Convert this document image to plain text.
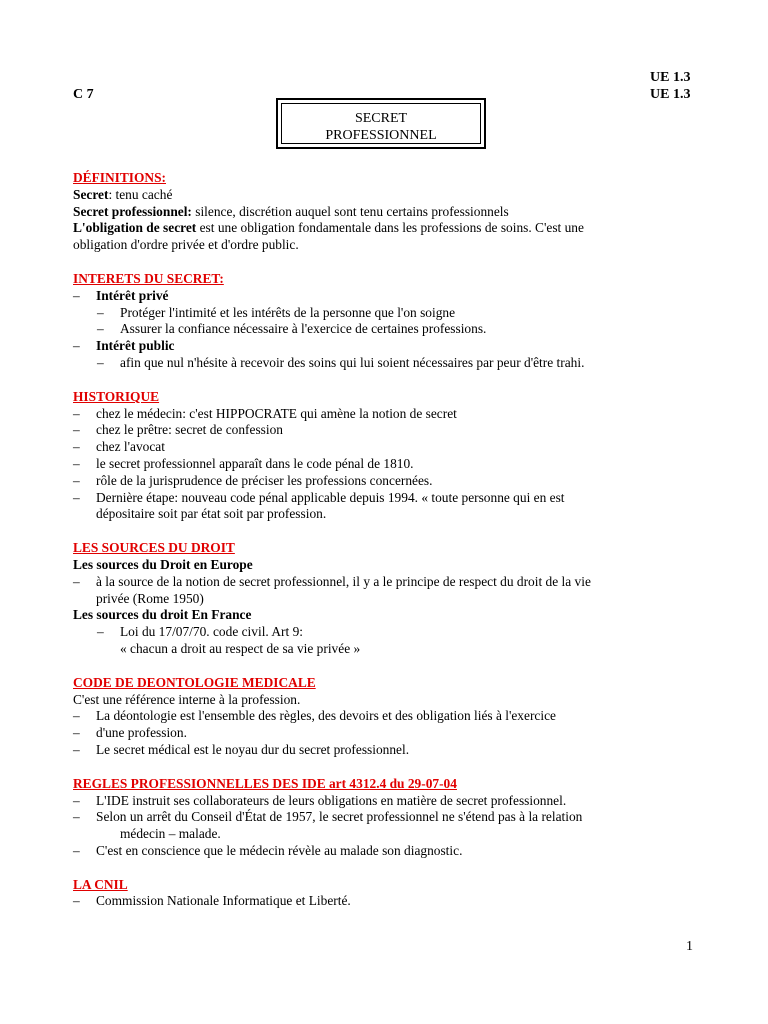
UE 1.3
C 7	UE 1.3
SECRET
PROFESSIONNEL
DÉFINITIONS:
Secret: tenu caché
Secret professionnel: silence, discrétion auquel sont tenu certains professionnels
L'obligation de secret est une obligation fondamentale dans les professions de soins. C'est une
obligation d'ordre privée et d'ordre public.
INTERETS DU SECRET:
– Intérêt privé
– Protéger l'intimité et les intérêts de la personne que l'on soigne
– Assurer la confiance nécessaire à l'exercice de certaines professions.
– Intérêt public
– afin que nul n'hésite à recevoir des soins qui lui soient nécessaires par peur d'être trahi.
HISTORIQUE
– chez le médecin: c'est HIPPOCRATE qui amène la notion de secret
– chez le prêtre: secret de confession
– chez l'avocat
– le secret professionnel apparaît dans le code pénal de 1810.
– rôle de la jurisprudence de préciser les professions concernées.
– Dernière étape: nouveau code pénal applicable depuis 1994. « toute personne qui en est
dépositaire soit par état soit par profession.
LES SOURCES DU DROIT
Les sources du Droit en Europe
– à la source de la notion de secret professionnel, il y a le principe de respect du droit de la vie
privée (Rome 1950)
Les sources du droit En France
– Loi du 17/07/70. code civil. Art 9:
« chacun a droit au respect de sa vie privée »
CODE DE DEONTOLOGIE MEDICALE
C'est une référence interne à la profession.
– La déontologie est l'ensemble des règles, des devoirs et des obligation liés à l'exercice
– d'une profession.
– Le secret médical est le noyau dur du secret professionnel.
REGLES PROFESSIONNELLES DES IDE art 4312.4 du 29-07-04
– L'IDE instruit ses collaborateurs de leurs obligations en matière de secret professionnel.
– Selon un arrêt du Conseil d'État de 1957, le secret professionnel ne s'étend pas à la relation
médecin – malade.
– C'est en conscience que le médecin révèle au malade son diagnostic.
LA CNIL
– Commission Nationale Informatique et Liberté.
1
